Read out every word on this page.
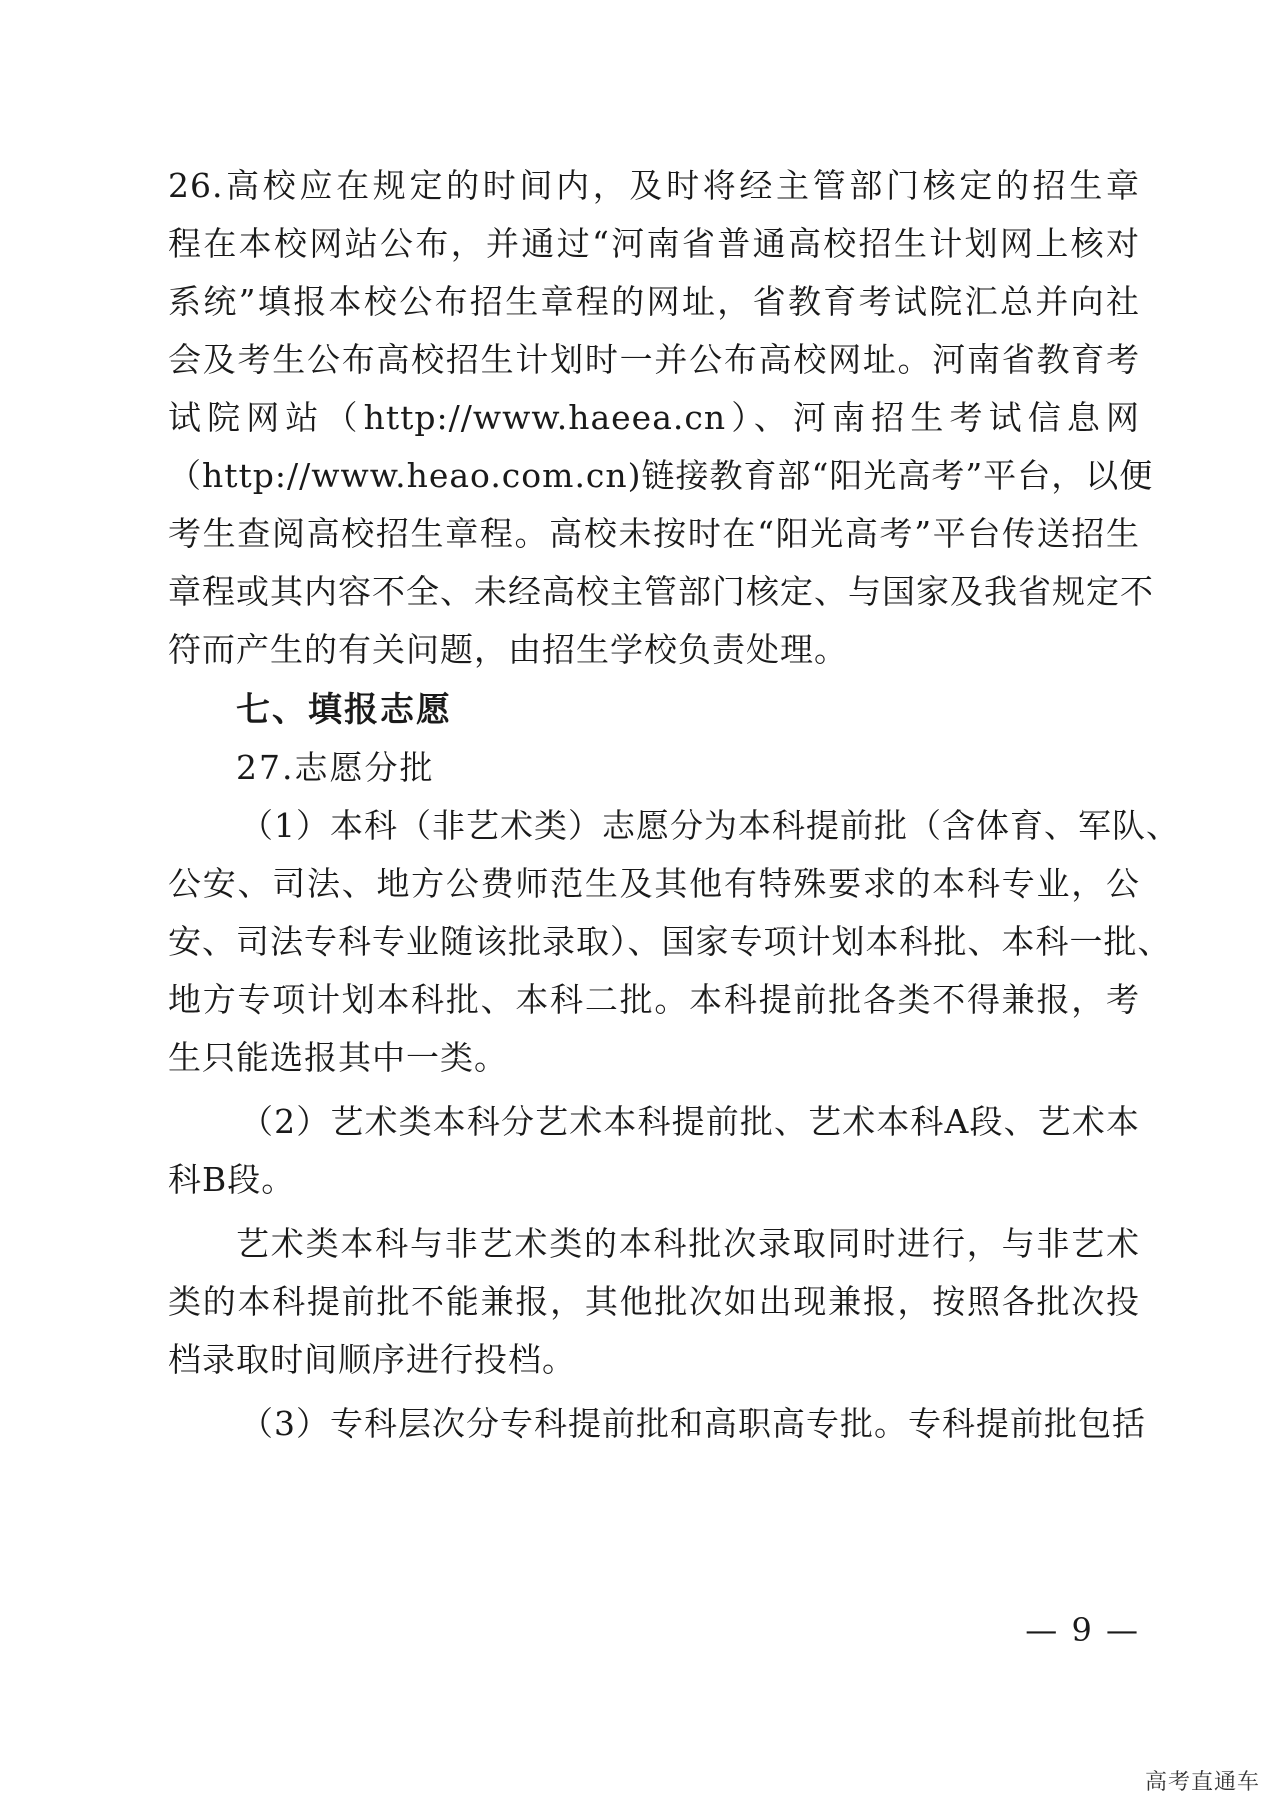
26.高校应在规定的时间内，及时将经主管部门核定的招生章
程在本校网站公布，并通过“河南省普通高校招生计划网上核对
系统”填报本校公布招生章程的网址，省教育考试院汇总并向社
会及考生公布高校招生计划时一并公布高校网址。河南省教育考
试院网站（http://www.haeea.cn）、河南招生考试信息网
（http://www.heao.com.cn)链接教育部“阳光高考”平台，以便
考生查阅高校招生章程。高校未按时在“阳光高考”平台传送招生
章程或其内容不全、未经高校主管部门核定、与国家及我省规定不
符而产生的有关问题，由招生学校负责处理。
七、填报志愿
27.志愿分批
（1）本科（非艺术类）志愿分为本科提前批（含体育、军队、
公安、司法、地方公费师范生及其他有特殊要求的本科专业，公
安、司法专科专业随该批录取）、国家专项计划本科批、本科一批、
地方专项计划本科批、本科二批。本科提前批各类不得兼报，考
生只能选报其中一类。
（2）艺术类本科分艺术本科提前批、艺术本科A段、艺术本
科B段。
艺术类本科与非艺术类的本科批次录取同时进行，与非艺术
类的本科提前批不能兼报，其他批次如出现兼报，按照各批次投
档录取时间顺序进行投档。
（3）专科层次分专科提前批和高职高专批。专科提前批包括
— 9 —
高考直通车
